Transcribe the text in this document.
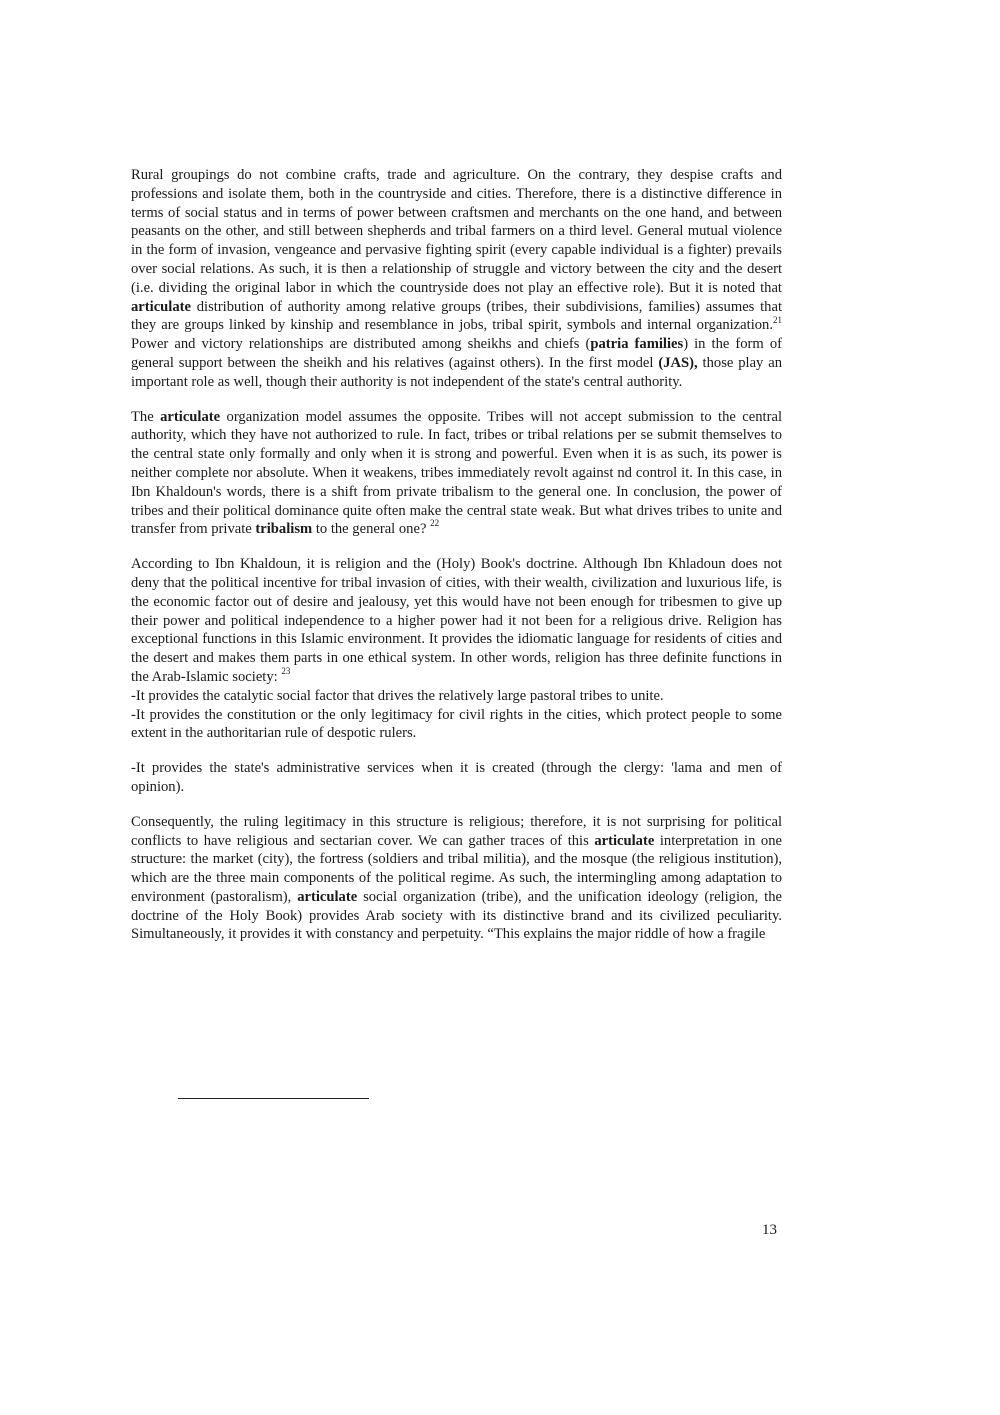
Rural groupings do not combine crafts, trade and agriculture. On the contrary, they despise crafts and professions and isolate them, both in the countryside and cities. Therefore, there is a distinctive difference in terms of social status and in terms of power between craftsmen and merchants on the one hand, and between peasants on the other, and still between shepherds and tribal farmers on a third level. General mutual violence in the form of invasion, vengeance and pervasive fighting spirit (every capable individual is a fighter) prevails over social relations. As such, it is then a relationship of struggle and victory between the city and the desert (i.e. dividing the original labor in which the countryside does not play an effective role). But it is noted that articulate distribution of authority among relative groups (tribes, their subdivisions, families) assumes that they are groups linked by kinship and resemblance in jobs, tribal spirit, symbols and internal organization.$^{21}$ Power and victory relationships are distributed among sheikhs and chiefs (patria families) in the form of general support between the sheikh and his relatives (against others). In the first model (JAS), those play an important role as well, though their authority is not independent of the state's central authority.

The articulate organization model assumes the opposite. Tribes will not accept submission to the central authority, which they have not authorized to rule. In fact, tribes or tribal relations per se submit themselves to the central state only formally and only when it is strong and powerful. Even when it is as such, its power is neither complete nor absolute. When it weakens, tribes immediately revolt against nd control it. In this case, in Ibn Khaldoun's words, there is a shift from private tribalism to the general one. In conclusion, the power of tribes and their political dominance quite often make the central state weak. But what drives tribes to unite and transfer from private tribalism to the general one? $^{22}$

According to Ibn Khaldoun, it is religion and the (Holy) Book's doctrine. Although Ibn Khladoun does not deny that the political incentive for tribal invasion of cities, with their wealth, civilization and luxurious life, is the economic factor out of desire and jealousy, yet this would have not been enough for tribesmen to give up their power and political independence to a higher power had it not been for a religious drive. Religion has exceptional functions in this Islamic environment. It provides the idiomatic language for residents of cities and the desert and makes them parts in one ethical system. In other words, religion has three definite functions in the Arab-Islamic society: $^{23}$

-It provides the catalytic social factor that drives the relatively large pastoral tribes to unite.

-It provides the constitution or the only legitimacy for civil rights in the cities, which protect people to some extent in the authoritarian rule of despotic rulers.

-It provides the state's administrative services when it is created (through the clergy: 'lama and men of opinion).

Consequently, the ruling legitimacy in this structure is religious; therefore, it is not surprising for political conflicts to have religious and sectarian cover. We can gather traces of this articulate interpretation in one structure: the market (city), the fortress (soldiers and tribal militia), and the mosque (the religious institution), which are the three main components of the political regime. As such, the intermingling among adaptation to environment (pastoralism), articulate social organization (tribe), and the unification ideology (religion, the doctrine of the Holy Book) provides Arab society with its distinctive brand and its civilized peculiarity. Simultaneously, it provides it with constancy and perpetuity. “This explains the major riddle of how a fragile

13
